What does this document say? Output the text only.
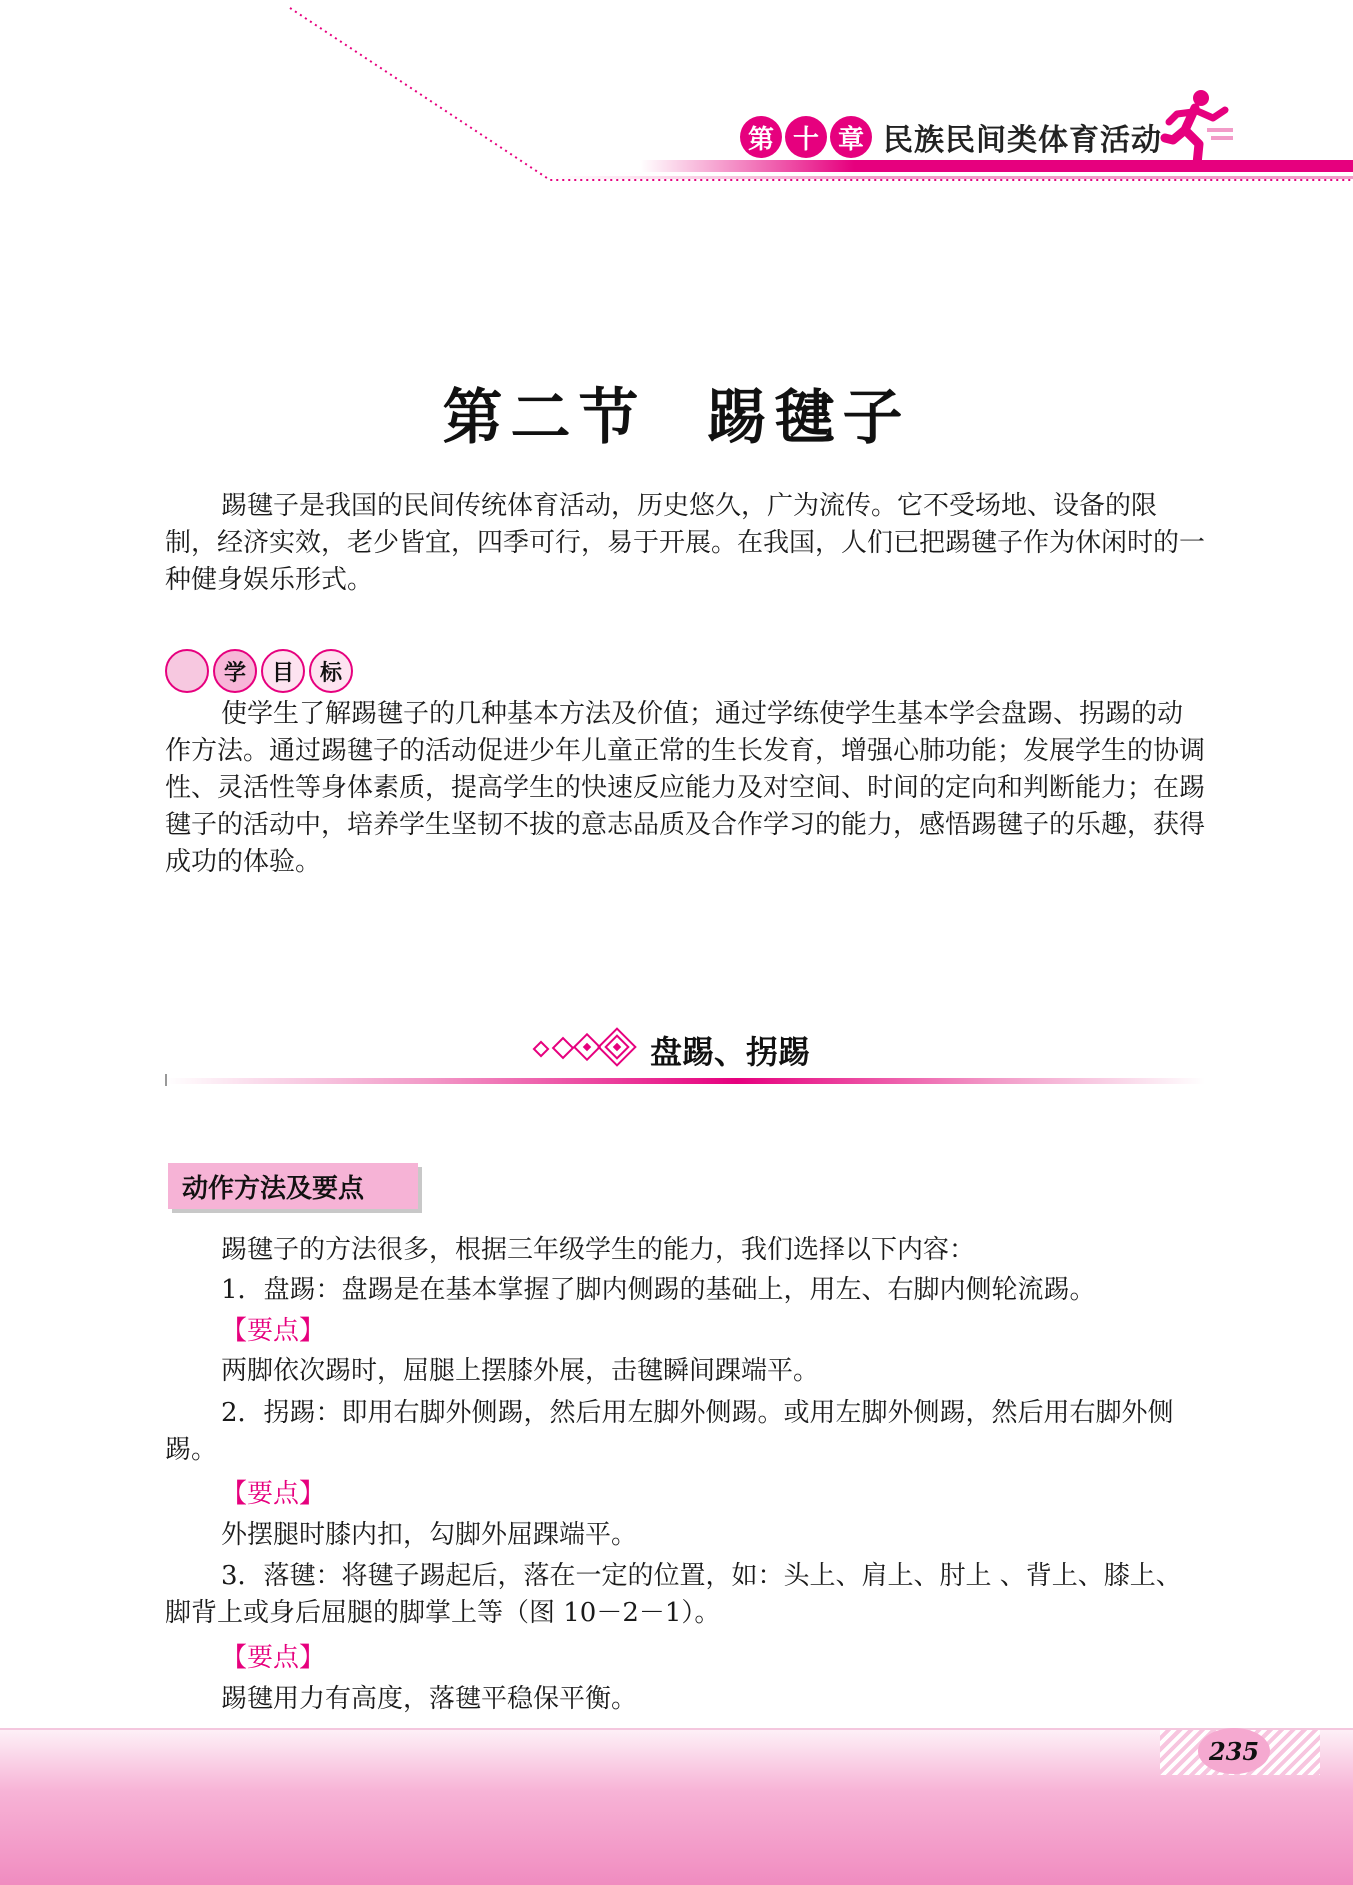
第 十 章 民族民间类体育活动
第二节 踢毽子

踢毽子是我国的民间传统体育活动，历史悠久，广为流传。它不受场地、设备的限制，经济实效，老少皆宜，四季可行，易于开展。在我国，人们已把踢毽子作为休闲时的一种健身娱乐形式。

学	目	标

使学生了解踢毽子的几种基本方法及价值；通过学练使学生基本学会盘踢、拐踢的动作方法。通过踢毽子的活动促进少年儿童正常的生长发育，增强心肺功能；发展学生的协调性、灵活性等身体素质，提高学生的快速反应能力及对空间、时间的定向和判断能力；在踢毽子的活动中，培养学生坚韧不拔的意志品质及合作学习的能力，感悟踢毽子的乐趣，获得成功的体验。

盘踢、拐踢
动作方法及要点

踢毽子的方法很多，根据三年级学生的能力，我们选择以下内容：

1．盘踢：盘踢是在基本掌握了脚内侧踢的基础上，用左、右脚内侧轮流踢。

【要点】

两脚依次踢时，屈腿上摆膝外展，击毽瞬间踝端平。

2．拐踢：即用右脚外侧踢，然后用左脚外侧踢。或用左脚外侧踢，然后用右脚外侧踢。

【要点】

外摆腿时膝内扣，勾脚外屈踝端平。

3．落毽：将毽子踢起后，落在一定的位置，如：头上、肩上、肘上 、背上、膝上、脚背上或身后屈腿的脚掌上等（图 10－2－1）。

【要点】

踢毽用力有高度，落毽平稳保平衡。

235
